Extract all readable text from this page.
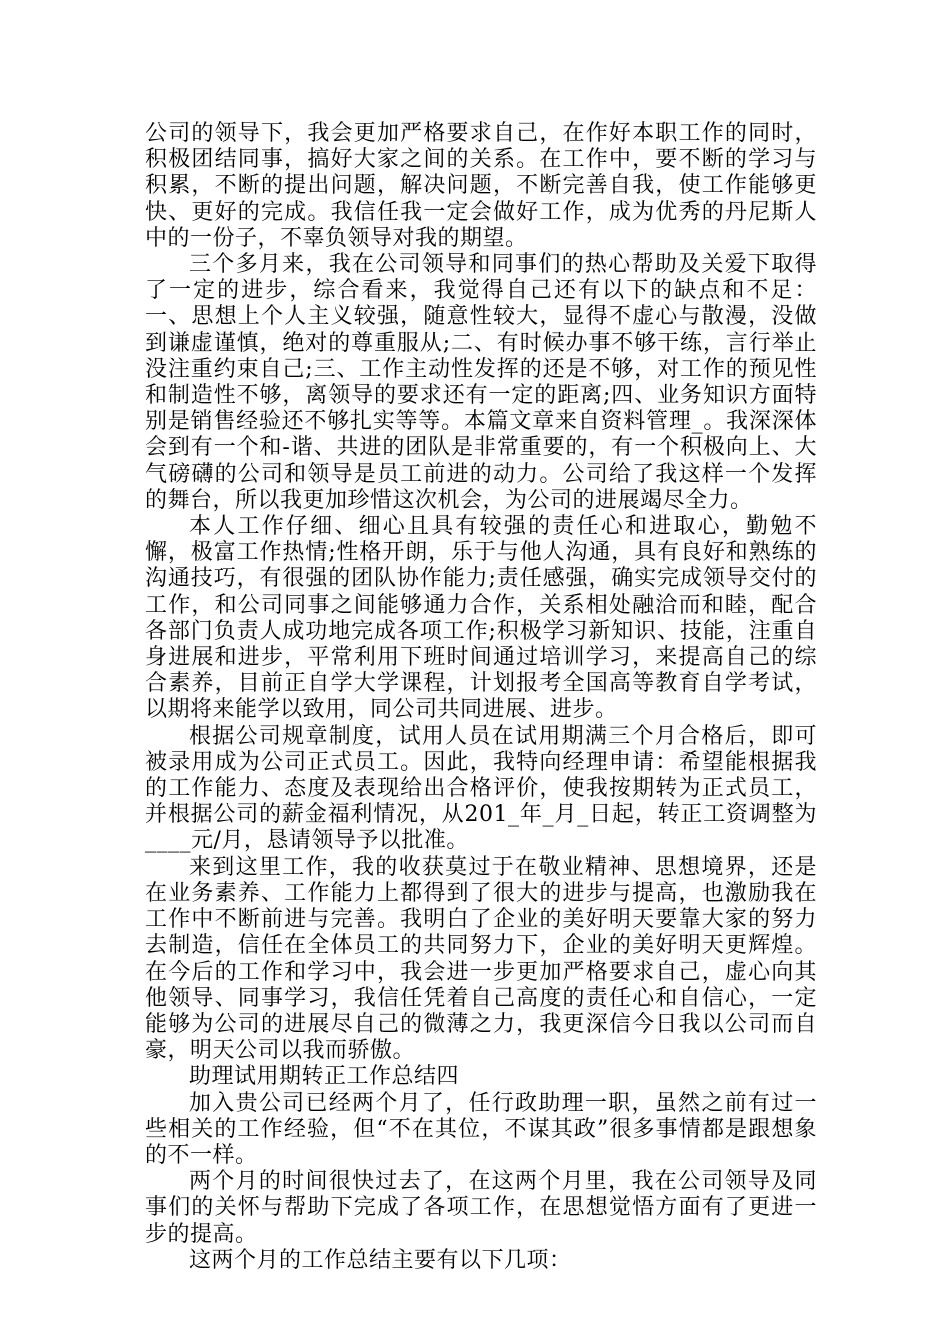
公司的领导下，我会更加严格要求自己，在作好本职工作的同时，积极团结同事，搞好大家之间的关系。在工作中，要不断的学习与积累，不断的提出问题，解决问题，不断完善自我，使工作能够更快、更好的完成。我信任我一定会做好工作，成为优秀的丹尼斯人中的一份子，不辜负领导对我的期望。

三个多月来，我在公司领导和同事们的热心帮助及关爱下取得了一定的进步，综合看来，我觉得自己还有以下的缺点和不足：一、思想上个人主义较强，随意性较大，显得不虚心与散漫，没做到谦虚谨慎，绝对的尊重服从;二、有时候办事不够干练，言行举止没注重约束自己;三、工作主动性发挥的还是不够，对工作的预见性和制造性不够，离领导的要求还有一定的距离;四、业务知识方面特别是销售经验还不够扎实等等。本篇文章来自资料管理_。我深深体会到有一个和-谐、共进的团队是非常重要的，有一个积极向上、大气磅礴的公司和领导是员工前进的动力。公司给了我这样一个发挥的舞台，所以我更加珍惜这次机会，为公司的进展竭尽全力。

本人工作仔细、细心且具有较强的责任心和进取心，勤勉不懈，极富工作热情;性格开朗，乐于与他人沟通，具有良好和熟练的沟通技巧，有很强的团队协作能力;责任感强，确实完成领导交付的工作，和公司同事之间能够通力合作，关系相处融洽而和睦，配合各部门负责人成功地完成各项工作;积极学习新知识、技能，注重自身进展和进步，平常利用下班时间通过培训学习，来提高自己的综合素养，目前正自学大学课程，计划报考全国高等教育自学考试，以期将来能学以致用，同公司共同进展、进步。

根据公司规章制度，试用人员在试用期满三个月合格后，即可被录用成为公司正式员工。因此，我特向经理申请：希望能根据我的工作能力、态度及表现给出合格评价，使我按期转为正式员工，并根据公司的薪金福利情况，从201_年_月_日起，转正工资调整为____元/月，恳请领导予以批准。

来到这里工作，我的收获莫过于在敬业精神、思想境界，还是在业务素养、工作能力上都得到了很大的进步与提高，也激励我在工作中不断前进与完善。我明白了企业的美好明天要靠大家的努力去制造，信任在全体员工的共同努力下，企业的美好明天更辉煌。在今后的工作和学习中，我会进一步更加严格要求自己，虚心向其他领导、同事学习，我信任凭着自己高度的责任心和自信心，一定能够为公司的进展尽自己的微薄之力，我更深信今日我以公司而自豪，明天公司以我而骄傲。

助理试用期转正工作总结四

加入贵公司已经两个月了，任行政助理一职，虽然之前有过一些相关的工作经验，但“不在其位，不谋其政”很多事情都是跟想象的不一样。

两个月的时间很快过去了，在这两个月里，我在公司领导及同事们的关怀与帮助下完成了各项工作，在思想觉悟方面有了更进一步的提高。

这两个月的工作总结主要有以下几项：
